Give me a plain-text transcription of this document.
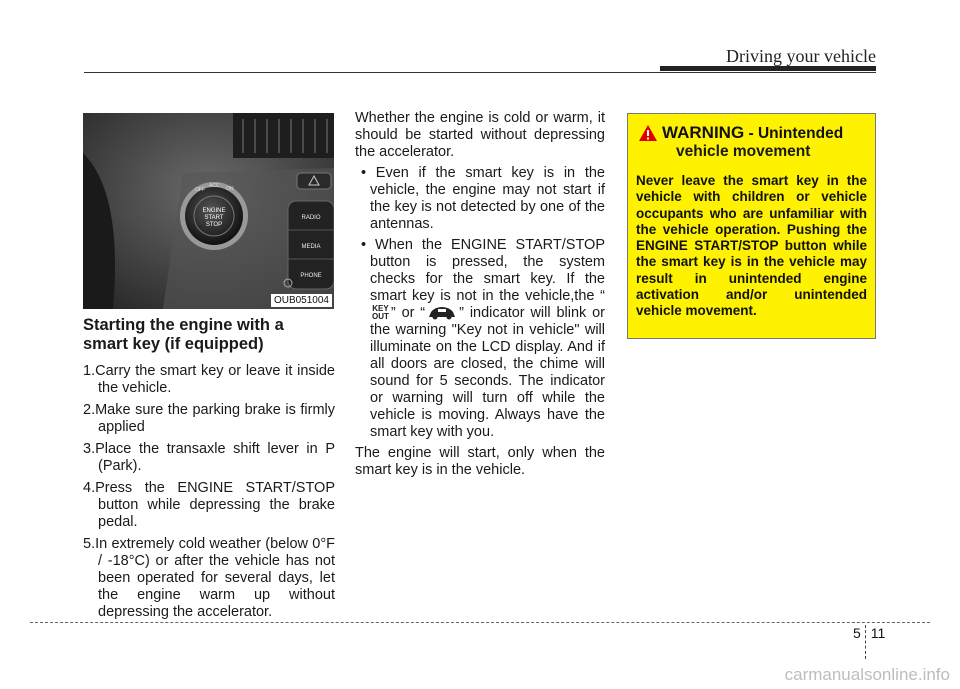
Driving your vehicle
ENGINE
START
STOP
OFF
ACC ON
RADIO
MEDIA
PHONE
OUB051004
Starting the engine with a
smart key (if equipped)
1.Carry the smart key or leave it inside the vehicle.
2.Make sure the parking brake is firmly applied
3.Place the transaxle shift lever in P (Park).
4.Press the ENGINE START/STOP button while depressing the brake pedal.
5.In extremely cold weather (below 0°F / -18°C) or after the vehicle has not been operated for several days, let the engine warm up without depressing the accelerator.

Whether the engine is cold or warm, it should be started without depressing the accelerator.

• Even if the smart key is in the vehicle, the engine may not start if the key is not detected by one of the antennas.
• When the ENGINE START/STOP button is pressed, the system checks for the smart key. If the smart key is not in the vehicle,the “KEY
OUT ” or “ ” indicator will blink or the warning "Key not in vehicle" will illuminate on the LCD display. And if all doors are closed, the chime will sound for 5 seconds. The indicator or warning will turn off while the vehicle is moving. Always have the smart key with you.

The engine will start, only when the smart key is in the vehicle.

WARNING - Unintended
vehicle movement
Never leave the smart key in the vehicle with children or vehicle occupants who are unfamiliar with the vehicle operation. Pushing the ENGINE START/STOP button while the smart key is in the vehicle may result in unintended engine activation and/or unintended vehicle movement.
5 11
carmanualsonline.info
